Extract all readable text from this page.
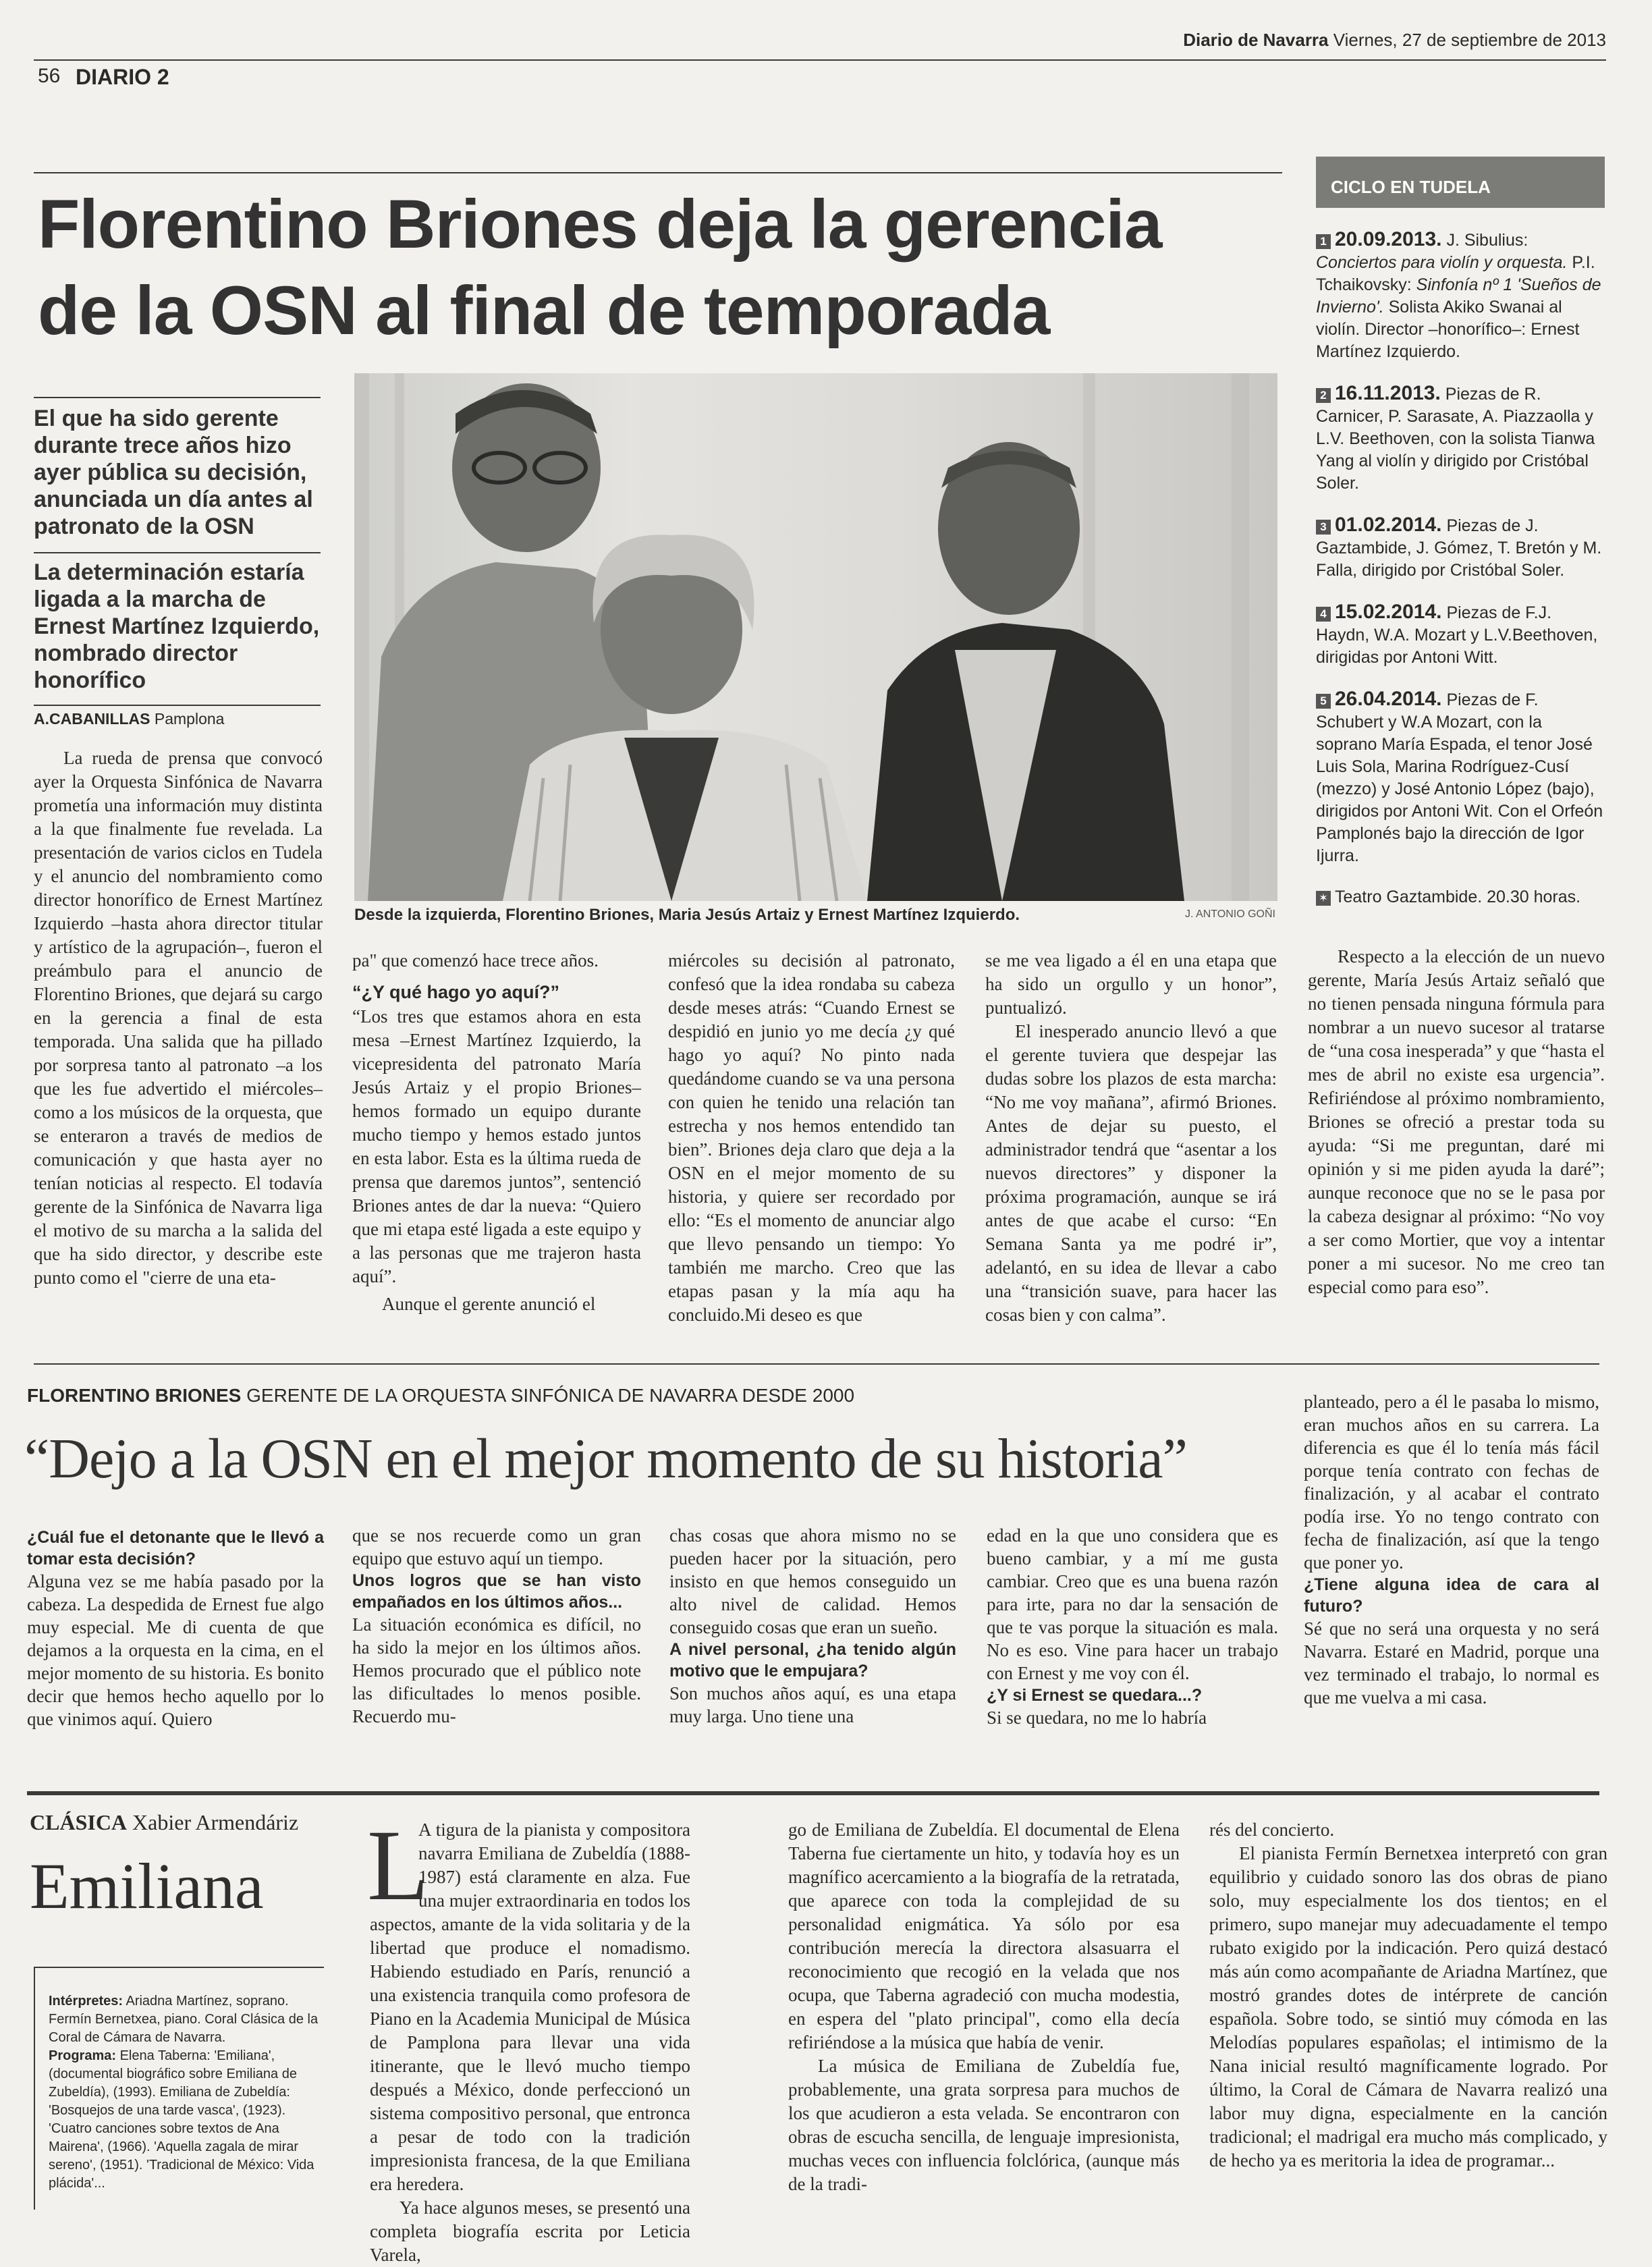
56 DIARIO 2
Diario de Navarra Viernes, 27 de septiembre de 2013
Florentino Briones deja la gerencia
de la OSN al final de temporada
El que ha sido gerente durante trece años hizo ayer pública su decisión, anunciada un día antes al patronato de la OSN
La determinación estaría ligada a la marcha de Ernest Martínez Izquierdo, nombrado director honorífico
A.CABANILLAS Pamplona
Desde la izquierda, Florentino Briones, Maria Jesús Artaiz y Ernest Martínez Izquierdo.	J. ANTONIO GOÑI

La rueda de prensa que convocó ayer la Orquesta Sinfónica de Navarra prometía una información muy distinta a la que finalmente fue revelada. La presentación de varios ciclos en Tudela y el anuncio del nombramiento como director honorífico de Ernest Martínez Izquierdo –hasta ahora director titular y artístico de la agrupación–, fueron el preámbulo para el anuncio de Florentino Briones, que dejará su cargo en la gerencia a final de esta temporada. Una salida que ha pillado por sorpresa tanto al patronato –a los que les fue advertido el miércoles– como a los músicos de la orquesta, que se enteraron a través de medios de comunicación y que hasta ayer no tenían noticias al respecto. El todavía gerente de la Sinfónica de Navarra liga el motivo de su marcha a la salida del que ha sido director, y describe este punto como el "cierre de una eta-

pa" que comenzó hace trece años.

“¿Y qué hago yo aquí?”

“Los tres que estamos ahora en esta mesa –Ernest Martínez Izquierdo, la vicepresidenta del patronato María Jesús Artaiz y el propio Briones– hemos formado un equipo durante mucho tiempo y hemos estado juntos en esta labor. Esta es la última rueda de prensa que daremos juntos”, sentenció Briones antes de dar la nueva: “Quiero que mi etapa esté ligada a este equipo y a las personas que me trajeron hasta aquí”.

Aunque el gerente anunció el

miércoles su decisión al patronato, confesó que la idea rondaba su cabeza desde meses atrás: “Cuando Ernest se despidió en junio yo me decía ¿y qué hago yo aquí? No pinto nada quedándome cuando se va una persona con quien he tenido una relación tan estrecha y nos hemos entendido tan bien”. Briones deja claro que deja a la OSN en el mejor momento de su historia, y quiere ser recordado por ello: “Es el momento de anunciar algo que llevo pensando un tiempo: Yo también me marcho. Creo que las etapas pasan y la mía aqu ha concluido.Mi deseo es que

se me vea ligado a él en una etapa que ha sido un orgullo y un honor”, puntualizó.

El inesperado anuncio llevó a que el gerente tuviera que despejar las dudas sobre los plazos de esta marcha: “No me voy mañana”, afirmó Briones. Antes de dejar su puesto, el administrador tendrá que “asentar a los nuevos directores” y disponer la próxima programación, aunque se irá antes de que acabe el curso: “En Semana Santa ya me podré ir”, adelantó, en su idea de llevar a cabo una “transición suave, para hacer las cosas bien y con calma”.

Respecto a la elección de un nuevo gerente, María Jesús Artaiz señaló que no tienen pensada ninguna fórmula para nombrar a un nuevo sucesor al tratarse de “una cosa inesperada” y que “hasta el mes de abril no existe esa urgencia”. Refiriéndose al próximo nombramiento, Briones se ofreció a prestar toda su ayuda: “Si me preguntan, daré mi opinión y si me piden ayuda la daré”; aunque reconoce que no se le pasa por la cabeza designar al próximo: “No voy a ser como Mortier, que voy a intentar poner a mi sucesor. No me creo tan especial como para eso”.

CICLO EN TUDELA
1 20.09.2013. J. Sibulius: Conciertos para violín y orquesta. P.I. Tchaikovsky: Sinfonía nº 1 'Sueños de Invierno'. Solista Akiko Swanai al violín. Director –honorífico–: Ernest Martínez Izquierdo.
2 16.11.2013. Piezas de R. Carnicer, P. Sarasate, A. Piazzaolla y L.V. Beethoven, con la solista Tianwa Yang al violín y dirigido por Cristóbal Soler.
3 01.02.2014. Piezas de J. Gaztambide, J. Gómez, T. Bretón y M. Falla, dirigido por Cristóbal Soler.
4 15.02.2014. Piezas de F.J. Haydn, W.A. Mozart y L.V.Beethoven, dirigidas por Antoni Witt.
5 26.04.2014. Piezas de F. Schubert y W.A Mozart, con la soprano María Espada, el tenor José Luis Sola, Marina Rodríguez-Cusí (mezzo) y José Antonio López (bajo), dirigidos por Antoni Wit. Con el Orfeón Pamplonés bajo la dirección de Igor Ijurra.
✶ Teatro Gaztambide. 20.30 horas.
FLORENTINO BRIONES GERENTE DE LA ORQUESTA SINFÓNICA DE NAVARRA DESDE 2000
“Dejo a la OSN en el mejor momento de su historia”
¿Cuál fue el detonante que le llevó a tomar esta decisión?

Alguna vez se me había pasado por la cabeza. La despedida de Ernest fue algo muy especial. Me di cuenta de que dejamos a la orquesta en la cima, en el mejor momento de su historia. Es bonito decir que hemos hecho aquello por lo que vinimos aquí. Quiero

que se nos recuerde como un gran equipo que estuvo aquí un tiempo.

Unos logros que se han visto empañados en los últimos años...

La situación económica es difícil, no ha sido la mejor en los últimos años. Hemos procurado que el público note las dificultades lo menos posible. Recuerdo mu-

chas cosas que ahora mismo no se pueden hacer por la situación, pero insisto en que hemos conseguido un alto nivel de calidad. Hemos conseguido cosas que eran un sueño.

A nivel personal, ¿ha tenido algún motivo que le empujara?

Son muchos años aquí, es una etapa muy larga. Uno tiene una

edad en la que uno considera que es bueno cambiar, y a mí me gusta cambiar. Creo que es una buena razón para irte, para no dar la sensación de que te vas porque la situación es mala. No es eso. Vine para hacer un trabajo con Ernest y me voy con él.

¿Y si Ernest se quedara...?

Si se quedara, no me lo habría

planteado, pero a él le pasaba lo mismo, eran muchos años en su carrera. La diferencia es que él lo tenía más fácil porque tenía contrato con fechas de finalización, y al acabar el contrato podía irse. Yo no tengo contrato con fecha de finalización, así que la tengo que poner yo.

¿Tiene alguna idea de cara al futuro?

Sé que no será una orquesta y no será Navarra. Estaré en Madrid, porque una vez terminado el trabajo, lo normal es que me vuelva a mi casa.

CLÁSICA Xabier Armendáriz
Emiliana
Intérpretes: Ariadna Martínez, soprano. Fermín Bernetxea, piano. Coral Clásica de la Coral de Cámara de Navarra.
Programa: Elena Taberna: 'Emiliana', (documental biográfico sobre Emiliana de Zubeldía), (1993). Emiliana de Zubeldía: 'Bosquejos de una tarde vasca', (1923). 'Cuatro canciones sobre textos de Ana Mairena', (1966). 'Aquella zagala de mirar sereno', (1951). 'Tradicional de México: Vida plácida'...
L

A tigura de la pianista y compositora navarra Emiliana de Zubeldía (1888-1987) está claramente en alza. Fue una mujer extraordinaria en todos los aspectos, amante de la vida solitaria y de la libertad que produce el nomadismo. Habiendo estudiado en París, renunció a una existencia tranquila como profesora de Piano en la Academia Municipal de Música de Pamplona para llevar una vida itinerante, que le llevó mucho tiempo después a México, donde perfeccionó un sistema compositivo personal, que entronca a pesar de todo con la tradición impresionista francesa, de la que Emiliana era heredera.

Ya hace algunos meses, se presentó una completa biografía escrita por Leticia Varela,

go de Emiliana de Zubeldía. El documental de Elena Taberna fue ciertamente un hito, y todavía hoy es un magnífico acercamiento a la biografía de la retratada, que aparece con toda la complejidad de su personalidad enigmática. Ya sólo por esa contribución merecía la directora alsasuarra el reconocimiento que recogió en la velada que nos ocupa, que Taberna agradeció con mucha modestia, en espera del "plato principal", como ella decía refiriéndose a la música que había de venir.

La música de Emiliana de Zubeldía fue, probablemente, una grata sorpresa para muchos de los que acudieron a esta velada. Se encontraron con obras de escucha sencilla, de lenguaje impresionista, muchas veces con influencia folclórica, (aunque más de la tradi-

rés del concierto.

El pianista Fermín Bernetxea interpretó con gran equilibrio y cuidado sonoro las dos obras de piano solo, muy especialmente los dos tientos; en el primero, supo manejar muy adecuadamente el tempo rubato exigido por la indicación. Pero quizá destacó más aún como acompañante de Ariadna Martínez, que mostró grandes dotes de intérprete de canción española. Sobre todo, se sintió muy cómoda en las Melodías populares españolas; el intimismo de la Nana inicial resultó magníficamente logrado. Por último, la Coral de Cámara de Navarra realizó una labor muy digna, especialmente en la canción tradicional; el madrigal era mucho más complicado, y de hecho ya es meritoria la idea de programar...
